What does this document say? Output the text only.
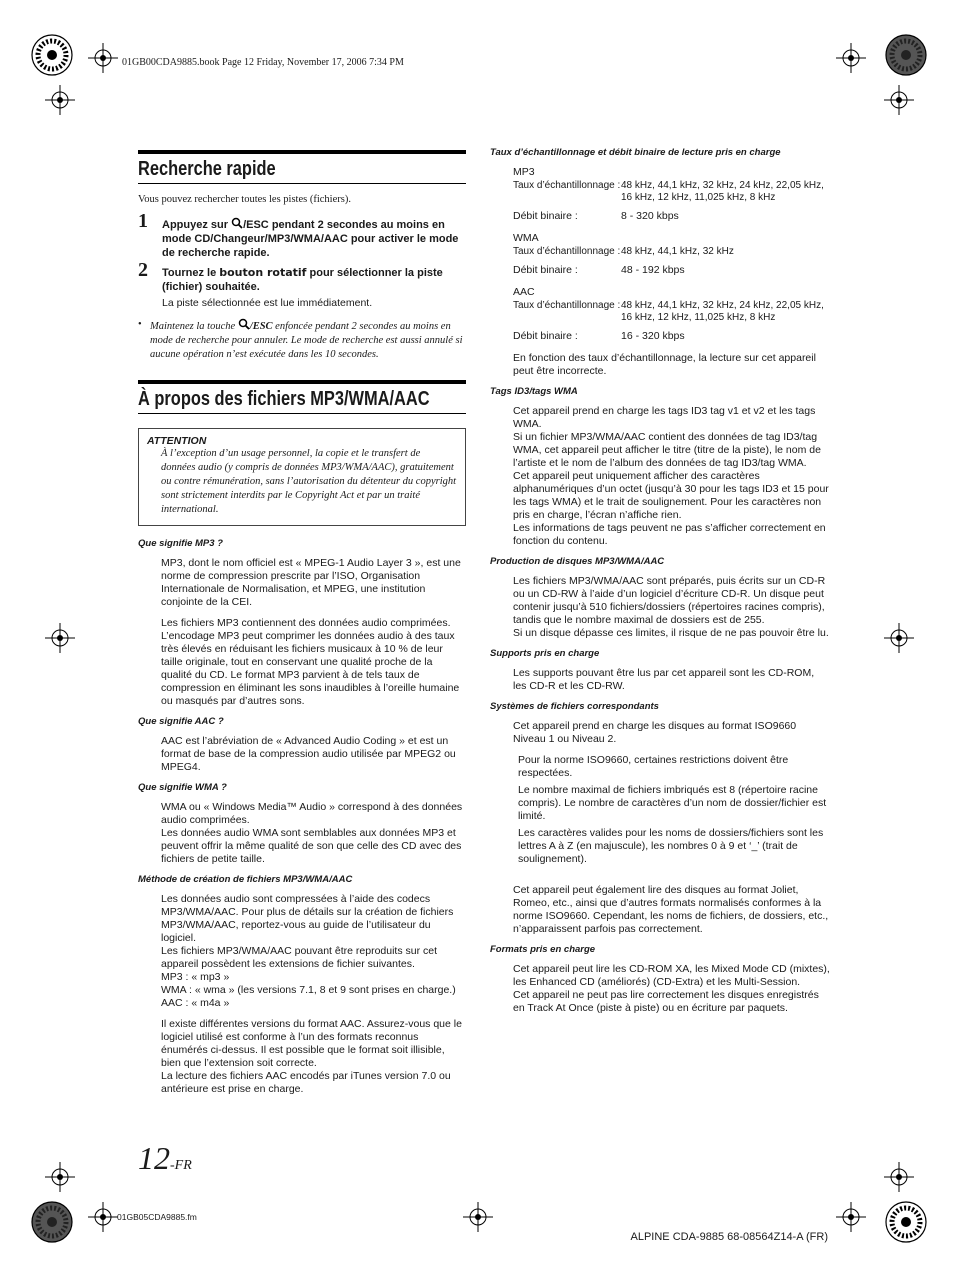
01GB00CDA9885.book Page 12 Friday, November 17, 2006 7:34 PM
Recherche rapide

Vous pouvez rechercher toutes les pistes (fichiers).

1 Appuyez sur /ESC pendant 2 secondes au moins en mode CD/Changeur/MP3/WMA/AAC pour activer le mode de recherche rapide.
2 Tournez le bouton rotatif pour sélectionner la piste (fichier) souhaitée.
La piste sélectionnée est lue immédiatement.
• Maintenez la touche /ESC enfoncée pendant 2 secondes au moins en mode de recherche pour annuler. Le mode de recherche est aussi annulé si aucune opération n’est exécutée dans les 10 secondes.
À propos des fichiers MP3/WMA/AAC
ATTENTION
À l’exception d’un usage personnel, la copie et le transfert de données audio (y compris de données MP3/WMA/AAC), gratuitement ou contre rémunération, sans l’autorisation du détenteur du copyright sont strictement interdits par le Copyright Act et par un traité international.
Que signifie MP3 ?

MP3, dont le nom officiel est « MPEG-1 Audio Layer 3 », est une norme de compression prescrite par l’ISO, Organisation Internationale de Normalisation, et MPEG, une institution conjointe de la CEI.

Les fichiers MP3 contiennent des données audio comprimées. L’encodage MP3 peut comprimer les données audio à des taux très élevés en réduisant les fichiers musicaux à 10 % de leur taille originale, tout en conservant une qualité proche de la qualité du CD. Le format MP3 parvient à de tels taux de compression en éliminant les sons inaudibles à l’oreille humaine ou masqués par d’autres sons.

Que signifie AAC ?

AAC est l’abréviation de « Advanced Audio Coding » et est un format de base de la compression audio utilisée par MPEG2 ou MPEG4.

Que signifie WMA ?

WMA ou « Windows Media™ Audio » correspond à des données audio comprimées.
Les données audio WMA sont semblables aux données MP3 et peuvent offrir la même qualité de son que celle des CD avec des fichiers de petite taille.

Méthode de création de fichiers MP3/WMA/AAC

Les données audio sont compressées à l’aide des codecs MP3/WMA/AAC. Pour plus de détails sur la création de fichiers MP3/WMA/AAC, reportez-vous au guide de l’utilisateur du logiciel.
Les fichiers MP3/WMA/AAC pouvant être reproduits sur cet appareil possèdent les extensions de fichier suivantes.
MP3 : « mp3 »
WMA : « wma » (les versions 7.1, 8 et 9 sont prises en charge.)
AAC : « m4a »

Il existe différentes versions du format AAC. Assurez-vous que le logiciel utilisé est conforme à l’un des formats reconnus énumérés ci-dessus. Il est possible que le format soit illisible, bien que l’extension soit correcte.
La lecture des fichiers AAC encodés par iTunes version 7.0 ou antérieure est prise en charge.

Taux d’échantillonnage et débit binaire de lecture pris en charge
MP3
Taux d’échantillonnage : 48 kHz, 44,1 kHz, 32 kHz, 24 kHz, 22,05 kHz, 16 kHz, 12 kHz, 11,025 kHz, 8 kHz
Débit binaire :	8 - 320 kbps
WMA
Taux d’échantillonnage : 48 kHz, 44,1 kHz, 32 kHz
Débit binaire :	48 - 192 kbps
AAC
Taux d’échantillonnage : 48 kHz, 44,1 kHz, 32 kHz, 24 kHz, 22,05 kHz, 16 kHz, 12 kHz, 11,025 kHz, 8 kHz
Débit binaire :	16 - 320 kbps

En fonction des taux d’échantillonnage, la lecture sur cet appareil peut être incorrecte.

Tags ID3/tags WMA

Cet appareil prend en charge les tags ID3 tag v1 et v2 et les tags WMA.
Si un fichier MP3/WMA/AAC contient des données de tag ID3/tag WMA, cet appareil peut afficher le titre (titre de la piste), le nom de l’artiste et le nom de l’album des données de tag ID3/tag WMA.
Cet appareil peut uniquement afficher des caractères alphanumériques d’un octet (jusqu’à 30 pour les tags ID3 et 15 pour les tags WMA) et le trait de soulignement. Pour les caractères non pris en charge, l’écran n’affiche rien.
Les informations de tags peuvent ne pas s’afficher correctement en fonction du contenu.

Production de disques MP3/WMA/AAC

Les fichiers MP3/WMA/AAC sont préparés, puis écrits sur un CD-R ou un CD-RW à l’aide d’un logiciel d’écriture CD-R. Un disque peut contenir jusqu’à 510 fichiers/dossiers (répertoires racines compris), tandis que le nombre maximal de dossiers est de 255.
Si un disque dépasse ces limites, il risque de ne pas pouvoir être lu.

Supports pris en charge

Les supports pouvant être lus par cet appareil sont les CD-ROM, les CD-R et les CD-RW.

Systèmes de fichiers correspondants

Cet appareil prend en charge les disques au format ISO9660 Niveau 1 ou Niveau 2.

Pour la norme ISO9660, certaines restrictions doivent être respectées.

Le nombre maximal de fichiers imbriqués est 8 (répertoire racine compris). Le nombre de caractères d’un nom de dossier/fichier est limité.

Les caractères valides pour les noms de dossiers/fichiers sont les lettres A à Z (en majuscule), les nombres 0 à 9 et ‘_’ (trait de soulignement).

Cet appareil peut également lire des disques au format Joliet, Romeo, etc., ainsi que d’autres formats normalisés conformes à la norme ISO9660. Cependant, les noms de fichiers, de dossiers, etc., n’apparaissent parfois pas correctement.

Formats pris en charge

Cet appareil peut lire les CD-ROM XA, les Mixed Mode CD (mixtes), les Enhanced CD (améliorés) (CD-Extra) et les Multi-Session.
Cet appareil ne peut pas lire correctement les disques enregistrés en Track At Once (piste à piste) ou en écriture par paquets.

12-FR
01GB05CDA9885.fm
ALPINE CDA-9885 68-08564Z14-A (FR)
